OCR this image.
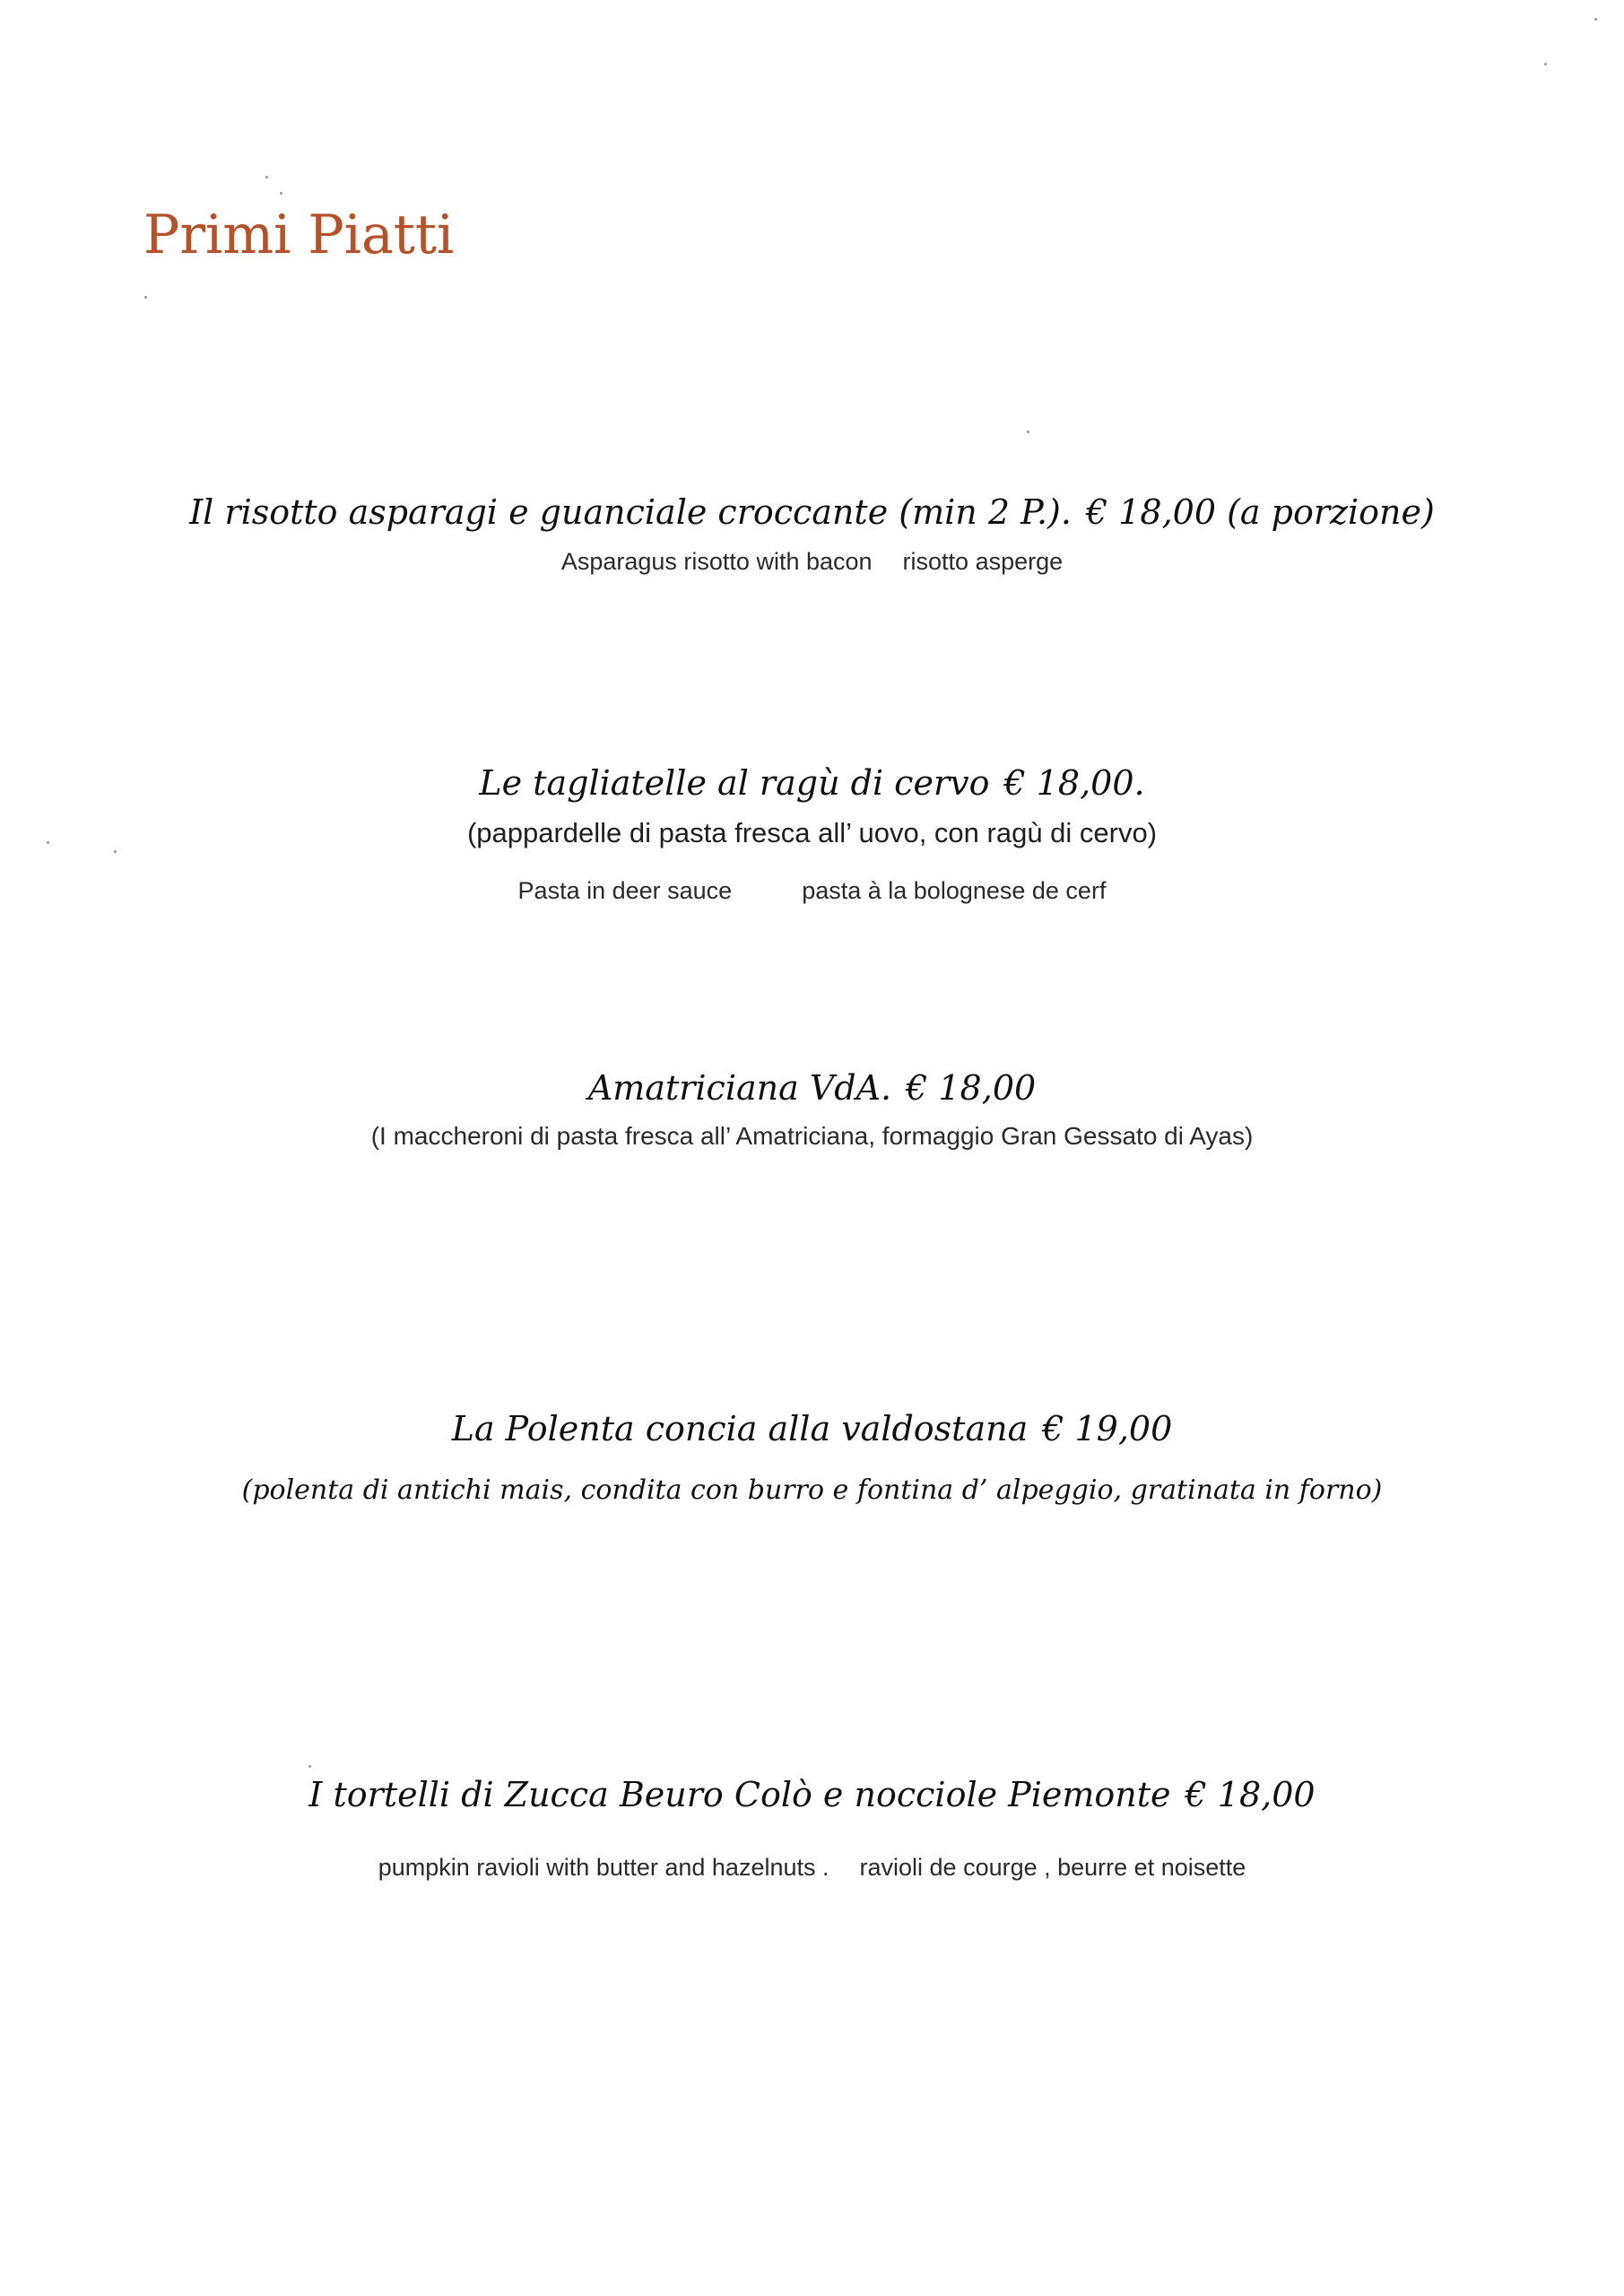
Primi Piatti
Il risotto asparagi e guanciale croccante (min 2 P.). € 18,00 (a porzione)
Asparagus risotto with bacon risotto asperge
Le tagliatelle al ragù di cervo € 18,00.
(pappardelle di pasta fresca all’ uovo, con ragù di cervo)
Pasta in deer sauce	pasta à la bolognese de cerf
Amatriciana VdA. € 18,00
(I maccheroni di pasta fresca all’ Amatriciana, formaggio Gran Gessato di Ayas)
La Polenta concia alla valdostana € 19,00
(polenta di antichi mais, condita con burro e fontina d’ alpeggio, gratinata in forno)
I tortelli di Zucca Beuro Colò e nocciole Piemonte € 18,00
pumpkin ravioli with butter and hazelnuts . ravioli de courge , beurre et noisette
